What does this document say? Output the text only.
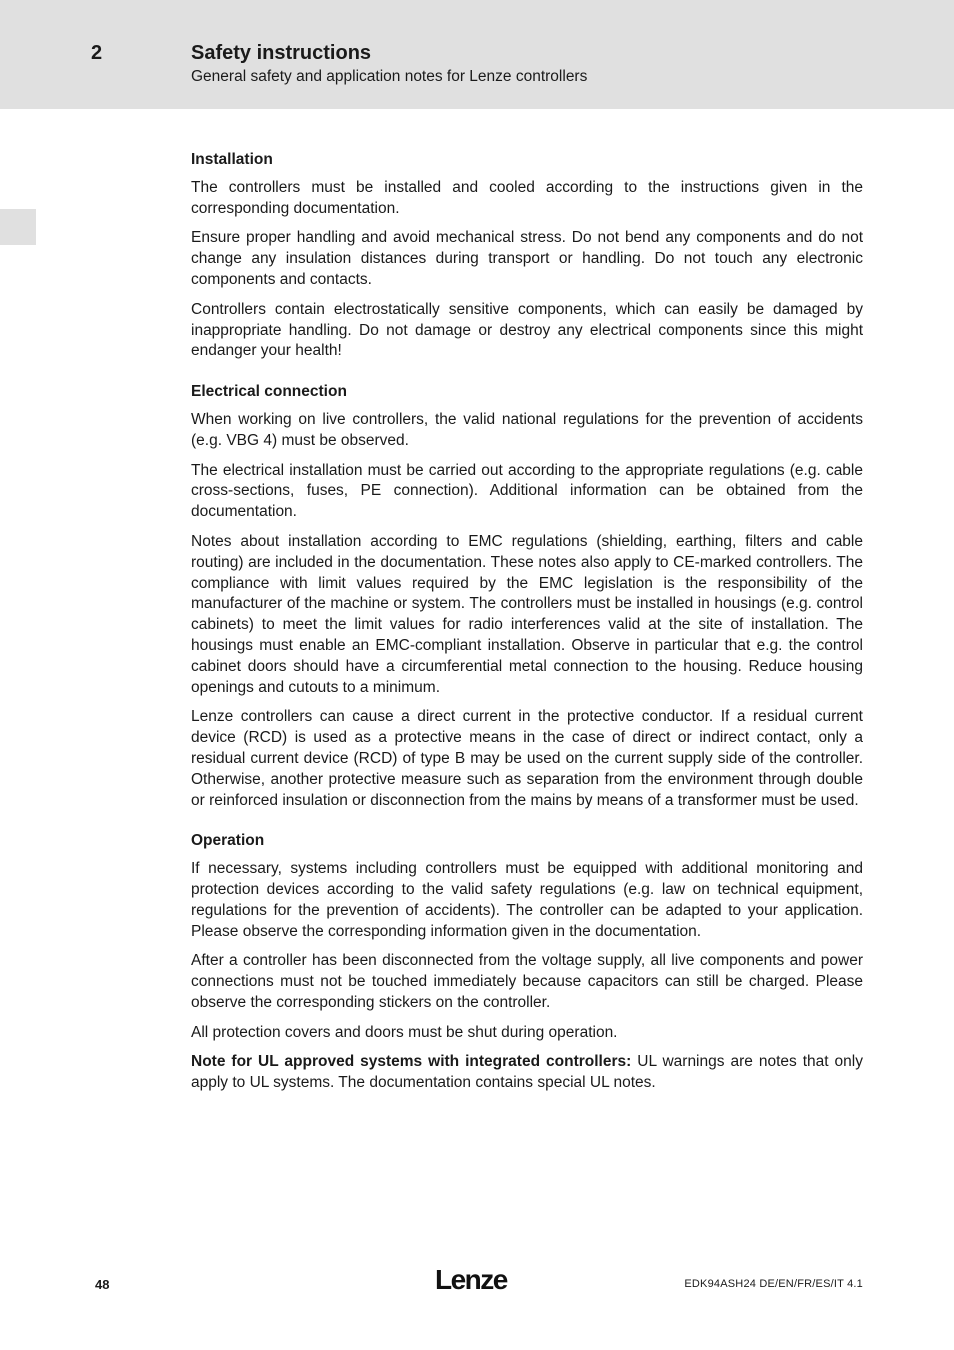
2	Safety instructions
General safety and application notes for Lenze controllers
Installation

The controllers must be installed and cooled according to the instructions given in the corresponding documentation.

Ensure proper handling and avoid mechanical stress. Do not bend any components and do not change any insulation distances during transport or handling. Do not touch any electronic components and contacts.

Controllers contain electrostatically sensitive components, which can easily be damaged by inappropriate handling. Do not damage or destroy any electrical components since this might endanger your health!

Electrical connection

When working on live controllers, the valid national regulations for the prevention of accidents (e.g. VBG 4) must be observed.

The electrical installation must be carried out according to the appropriate regulations (e.g. cable cross-sections, fuses, PE connection). Additional information can be obtained from the documentation.

Notes about installation according to EMC regulations (shielding, earthing, filters and cable routing) are included in the documentation. These notes also apply to CE-marked controllers. The compliance with limit values required by the EMC legislation is the responsibility of the manufacturer of the machine or system. The controllers must be installed in housings (e.g. control cabinets) to meet the limit values for radio interferences valid at the site of installation. The housings must enable an EMC-compliant installation. Observe in particular that e.g. the control cabinet doors should have a circumferential metal connection to the housing. Reduce housing openings and cutouts to a minimum.

Lenze controllers can cause a direct current in the protective conductor. If a residual current device (RCD) is used as a protective means in the case of direct or indirect contact, only a residual current device (RCD) of type B may be used on the current supply side of the controller. Otherwise, another protective measure such as separation from the environment through double or reinforced insulation or disconnection from the mains by means of a transformer must be used.

Operation

If necessary, systems including controllers must be equipped with additional monitoring and protection devices according to the valid safety regulations (e.g. law on technical equipment, regulations for the prevention of accidents). The controller can be adapted to your application. Please observe the corresponding information given in the documentation.

After a controller has been disconnected from the voltage supply, all live components and power connections must not be touched immediately because capacitors can still be charged. Please observe the corresponding stickers on the controller.

All protection covers and doors must be shut during operation.

Note for UL approved systems with integrated controllers: UL warnings are notes that only apply to UL systems. The documentation contains special UL notes.

48	Lenze	EDK94ASH24 DE/EN/FR/ES/IT 4.1
